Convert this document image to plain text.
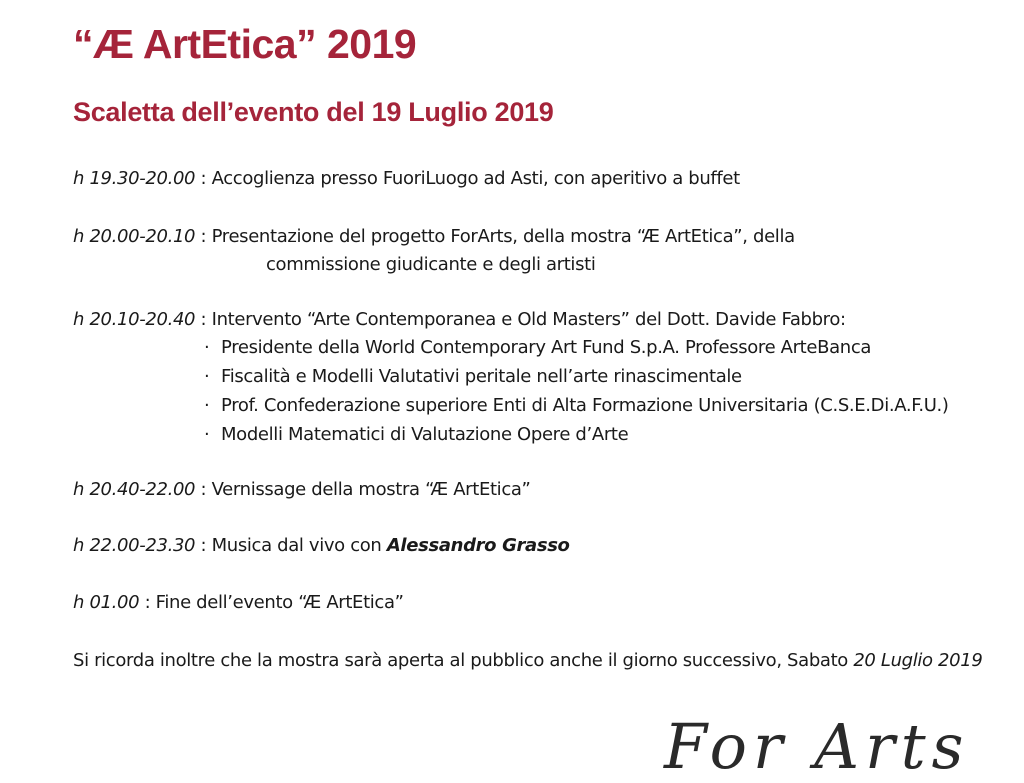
“Æ ArtEtica” 2019
Scaletta dell’evento del 19 Luglio 2019
h 19.30-20.00 : Accoglienza presso FuoriLuogo ad Asti, con aperitivo a buffet
h 20.00-20.10 : Presentazione del progetto ForArts, della mostra “Æ ArtEtica”, della
commissione giudicante e degli artisti
h 20.10-20.40 : Intervento “Arte Contemporanea e Old Masters” del Dott. Davide Fabbro:
· Presidente della World Contemporary Art Fund S.p.A. Professore ArteBanca
· Fiscalità e Modelli Valutativi peritale nell’arte rinascimentale
· Prof. Confederazione superiore Enti di Alta Formazione Universitaria (C.S.E.Di.A.F.U.)
· Modelli Matematici di Valutazione Opere d’Arte
h 20.40-22.00 : Vernissage della mostra “Æ ArtEtica”
h 22.00-23.30 : Musica dal vivo con Alessandro Grasso
h 01.00 : Fine dell’evento “Æ ArtEtica”
Si ricorda inoltre che la mostra sarà aperta al pubblico anche il giorno successivo, Sabato 20 Luglio 2019
For Arts
